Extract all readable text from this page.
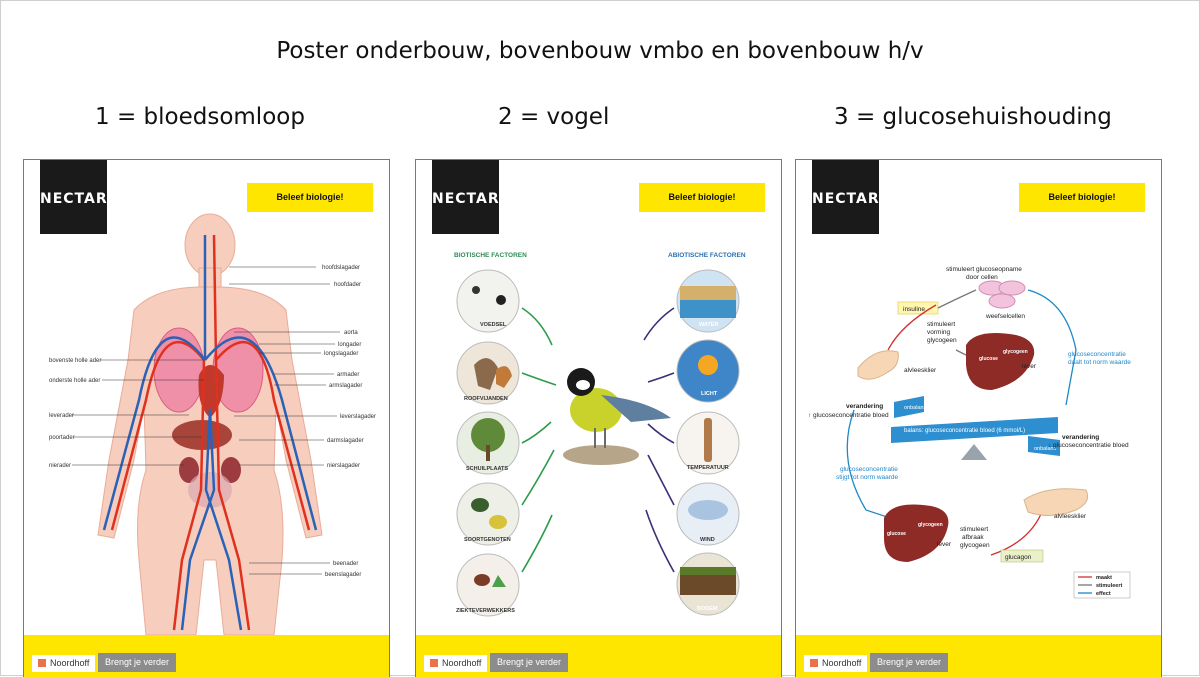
Poster onderbouw, bovenbouw vmbo en bovenbouw h/v
1 = bloedsomloop	2 = vogel	3 = glucosehuishouding
NECTAR	Beleef biologie!
hoofdslagader
hoofdader
aorta
longader
longslagader
armader
armslagader
leverslagader
darmslagader
nierslagader
beenader
beenslagader
bovenste holle ader
onderste holle ader
leverader
poortader
nierader
Noordhoff	Brengt je verder
NECTAR	Beleef biologie!
BIOTISCHE FACTOREN	ABIOTISCHE FACTOREN
VOEDSEL
ROOFVIJANDEN
SCHUILPLAATS
SOORTGENOTEN
ZIEKTEVERWEKKERS
WATER
LICHT
TEMPERATUUR
WIND
BODEM
Noordhoff	Brengt je verder
NECTAR	Beleef biologie!
stimuleert glucoseopname
door cellen
weefselcellen
insuline
stimuleert
vorming
glycogeen
glucose
glycogeen
lever
alvleesklier
glucoseconcentratie
daalt tot norm waarde
onbalans
onbalans
balans: glucoseconcentratie bloed (6 mmol/L)
verandering
↑ glucoseconcentratie bloed
verandering
↓ glucoseconcentratie bloed
glucoseconcentratie
stijgt tot norm waarde
glucose
glycogeen
lever
stimuleert
afbraak
glycogeen
alvleesklier
glucagon
maakt
stimuleert
effect
Noordhoff	Brengt je verder
